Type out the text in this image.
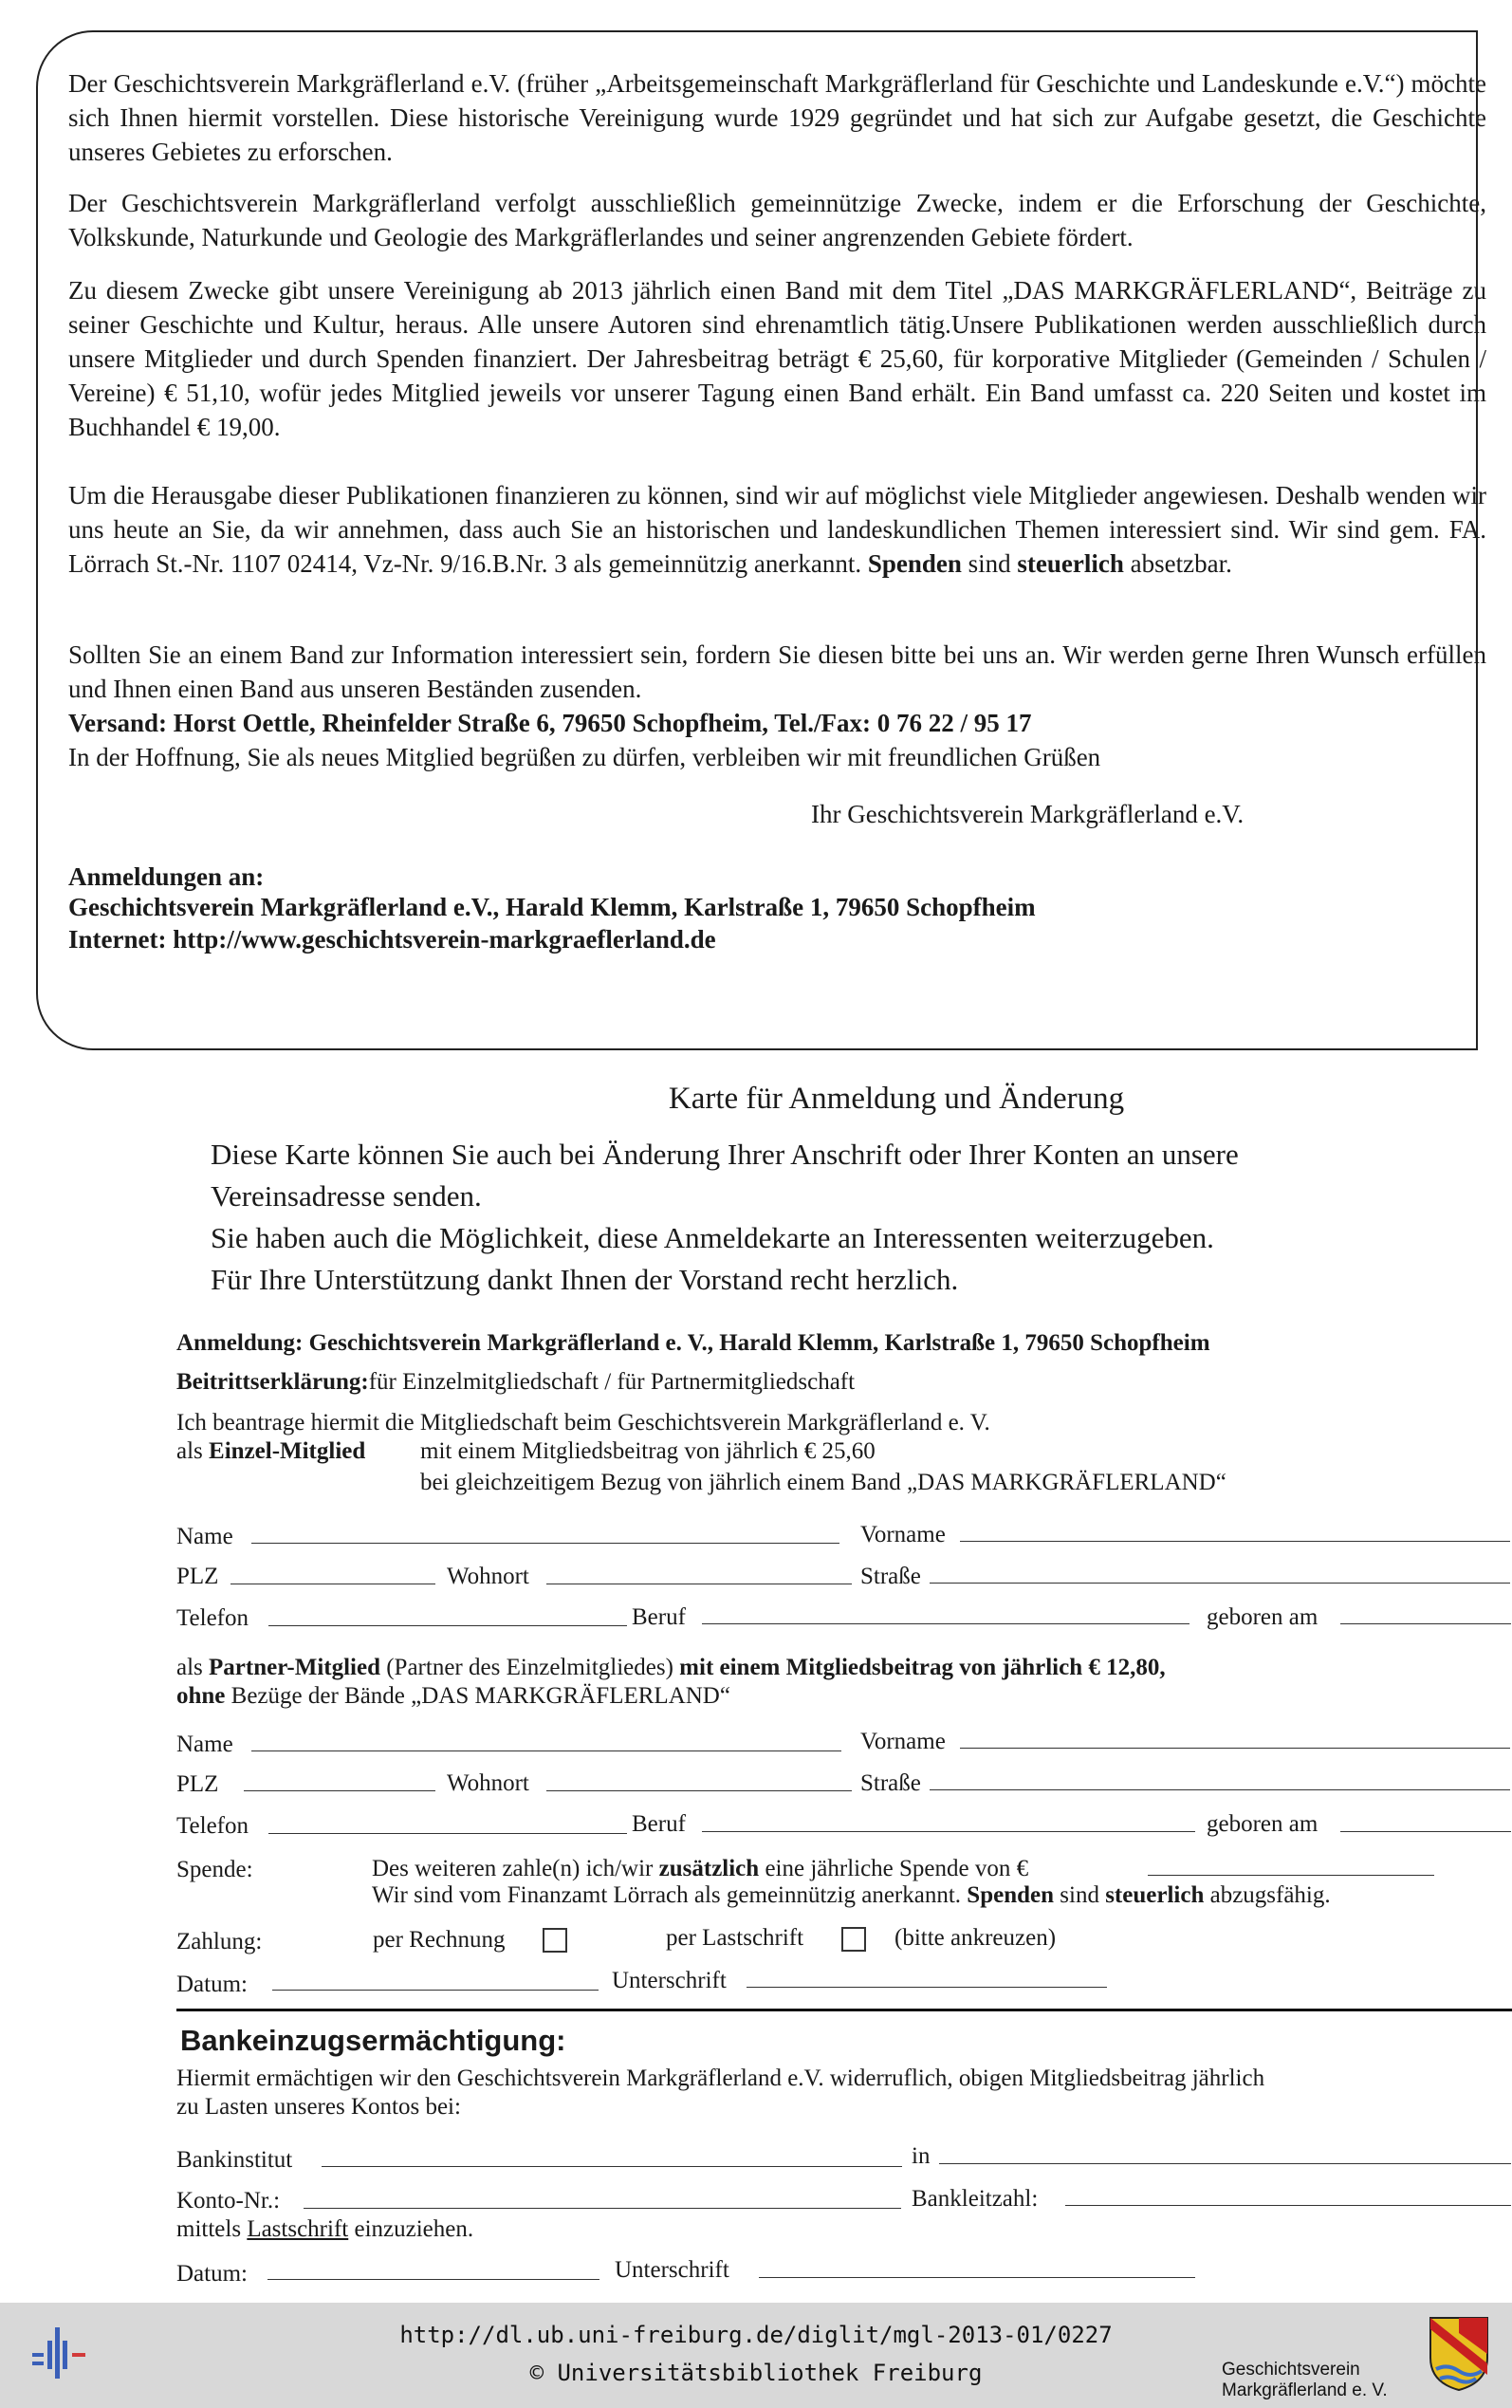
Der Geschichtsverein Markgräflerland e.V. (früher „Arbeitsgemeinschaft Markgräflerland für Geschichte und Landeskunde e.V.“) möchte sich Ihnen hiermit vorstellen. Diese historische Vereinigung wurde 1929 gegründet und hat sich zur Aufgabe gesetzt, die Geschichte unseres Gebietes zu erforschen.

Der Geschichtsverein Markgräflerland verfolgt ausschließlich gemeinnützige Zwecke, indem er die Erforschung der Geschichte, Volkskunde, Naturkunde und Geologie des Markgräflerlandes und seiner angrenzenden Gebiete fördert.

Zu diesem Zwecke gibt unsere Vereinigung ab 2013 jährlich einen Band mit dem Titel „DAS MARKGRÄFLERLAND“, Beiträge zu seiner Geschichte und Kultur, heraus. Alle unsere Autoren sind ehrenamtlich tätig.Unsere Publikationen werden ausschließlich durch unsere Mitglieder und durch Spenden finanziert. Der Jahresbeitrag beträgt € 25,60, für korporative Mitglieder (Gemeinden / Schulen / Vereine) € 51,10, wofür jedes Mitglied jeweils vor unserer Tagung einen Band erhält. Ein Band umfasst ca. 220 Seiten und kostet im Buchhandel € 19,00.

Um die Herausgabe dieser Publikationen finanzieren zu können, sind wir auf möglichst viele Mitglieder angewiesen. Deshalb wenden wir uns heute an Sie, da wir annehmen, dass auch Sie an historischen und landeskundlichen Themen interessiert sind. Wir sind gem. FA. Lörrach St.-Nr. 1107 02414, Vz-Nr. 9/16.B.Nr. 3 als gemeinnützig anerkannt. Spenden sind steuerlich absetzbar.

Sollten Sie an einem Band zur Information interessiert sein, fordern Sie diesen bitte bei uns an. Wir werden gerne Ihren Wunsch erfüllen und Ihnen einen Band aus unseren Beständen zusenden.

Versand: Horst Oettle, Rheinfelder Straße 6, 79650 Schopfheim, Tel./Fax: 0 76 22 / 95 17
In der Hoffnung, Sie als neues Mitglied begrüßen zu dürfen, verbleiben wir mit freundlichen Grüßen
Ihr Geschichtsverein Markgräflerland e.V.
Anmeldungen an:
Geschichtsverein Markgräflerland e.V., Harald Klemm, Karlstraße 1, 79650 Schopfheim
Internet: http://www.geschichtsverein-markgraeflerland.de
Karte für Anmeldung und Änderung
Diese Karte können Sie auch bei Änderung Ihrer Anschrift oder Ihrer Konten an unsere
Vereinsadresse senden.
Sie haben auch die Möglichkeit, diese Anmeldekarte an Interessenten weiterzugeben.
Für Ihre Unterstützung dankt Ihnen der Vorstand recht herzlich.
Anmeldung: Geschichtsverein Markgräflerland e. V., Harald Klemm, Karlstraße 1, 79650 Schopfheim
Beitrittserklärung:für Einzelmitgliedschaft / für Partnermitgliedschaft
Ich beantrage hiermit die Mitgliedschaft beim Geschichtsverein Markgräflerland e. V.
als Einzel-Mitglied mit einem Mitgliedsbeitrag von jährlich € 25,60
bei gleichzeitigem Bezug von jährlich einem Band „DAS MARKGRÄFLERLAND“
Name	Vorname
PLZ	Wohnort	Straße
Telefon	Beruf	geboren am
als Partner-Mitglied (Partner des Einzelmitgliedes) mit einem Mitgliedsbeitrag von jährlich € 12,80,
ohne Bezüge der Bände „DAS MARKGRÄFLERLAND“
Name	Vorname
PLZ	Wohnort	Straße
Telefon	Beruf	geboren am
Spende:	Des weiteren zahle(n) ich/wir zusätzlich eine jährliche Spende von €
Wir sind vom Finanzamt Lörrach als gemeinnützig anerkannt. Spenden sind steuerlich abzugsfähig.
Zahlung:	per Rechnung	per Lastschrift	(bitte ankreuzen)
Datum:	Unterschrift
Bankeinzugsermächtigung:
Hiermit ermächtigen wir den Geschichtsverein Markgräflerland e.V. widerruflich, obigen Mitgliedsbeitrag jährlich
zu Lasten unseres Kontos bei:
Bankinstitut	in
Konto-Nr.:	Bankleitzahl:
mittels Lastschrift einzuziehen.
Datum:	Unterschrift
http://dl.ub.uni-freiburg.de/diglit/mgl-2013-01/0227
© Universitätsbibliothek Freiburg	Geschichtsverein
Markgräflerland e. V.
